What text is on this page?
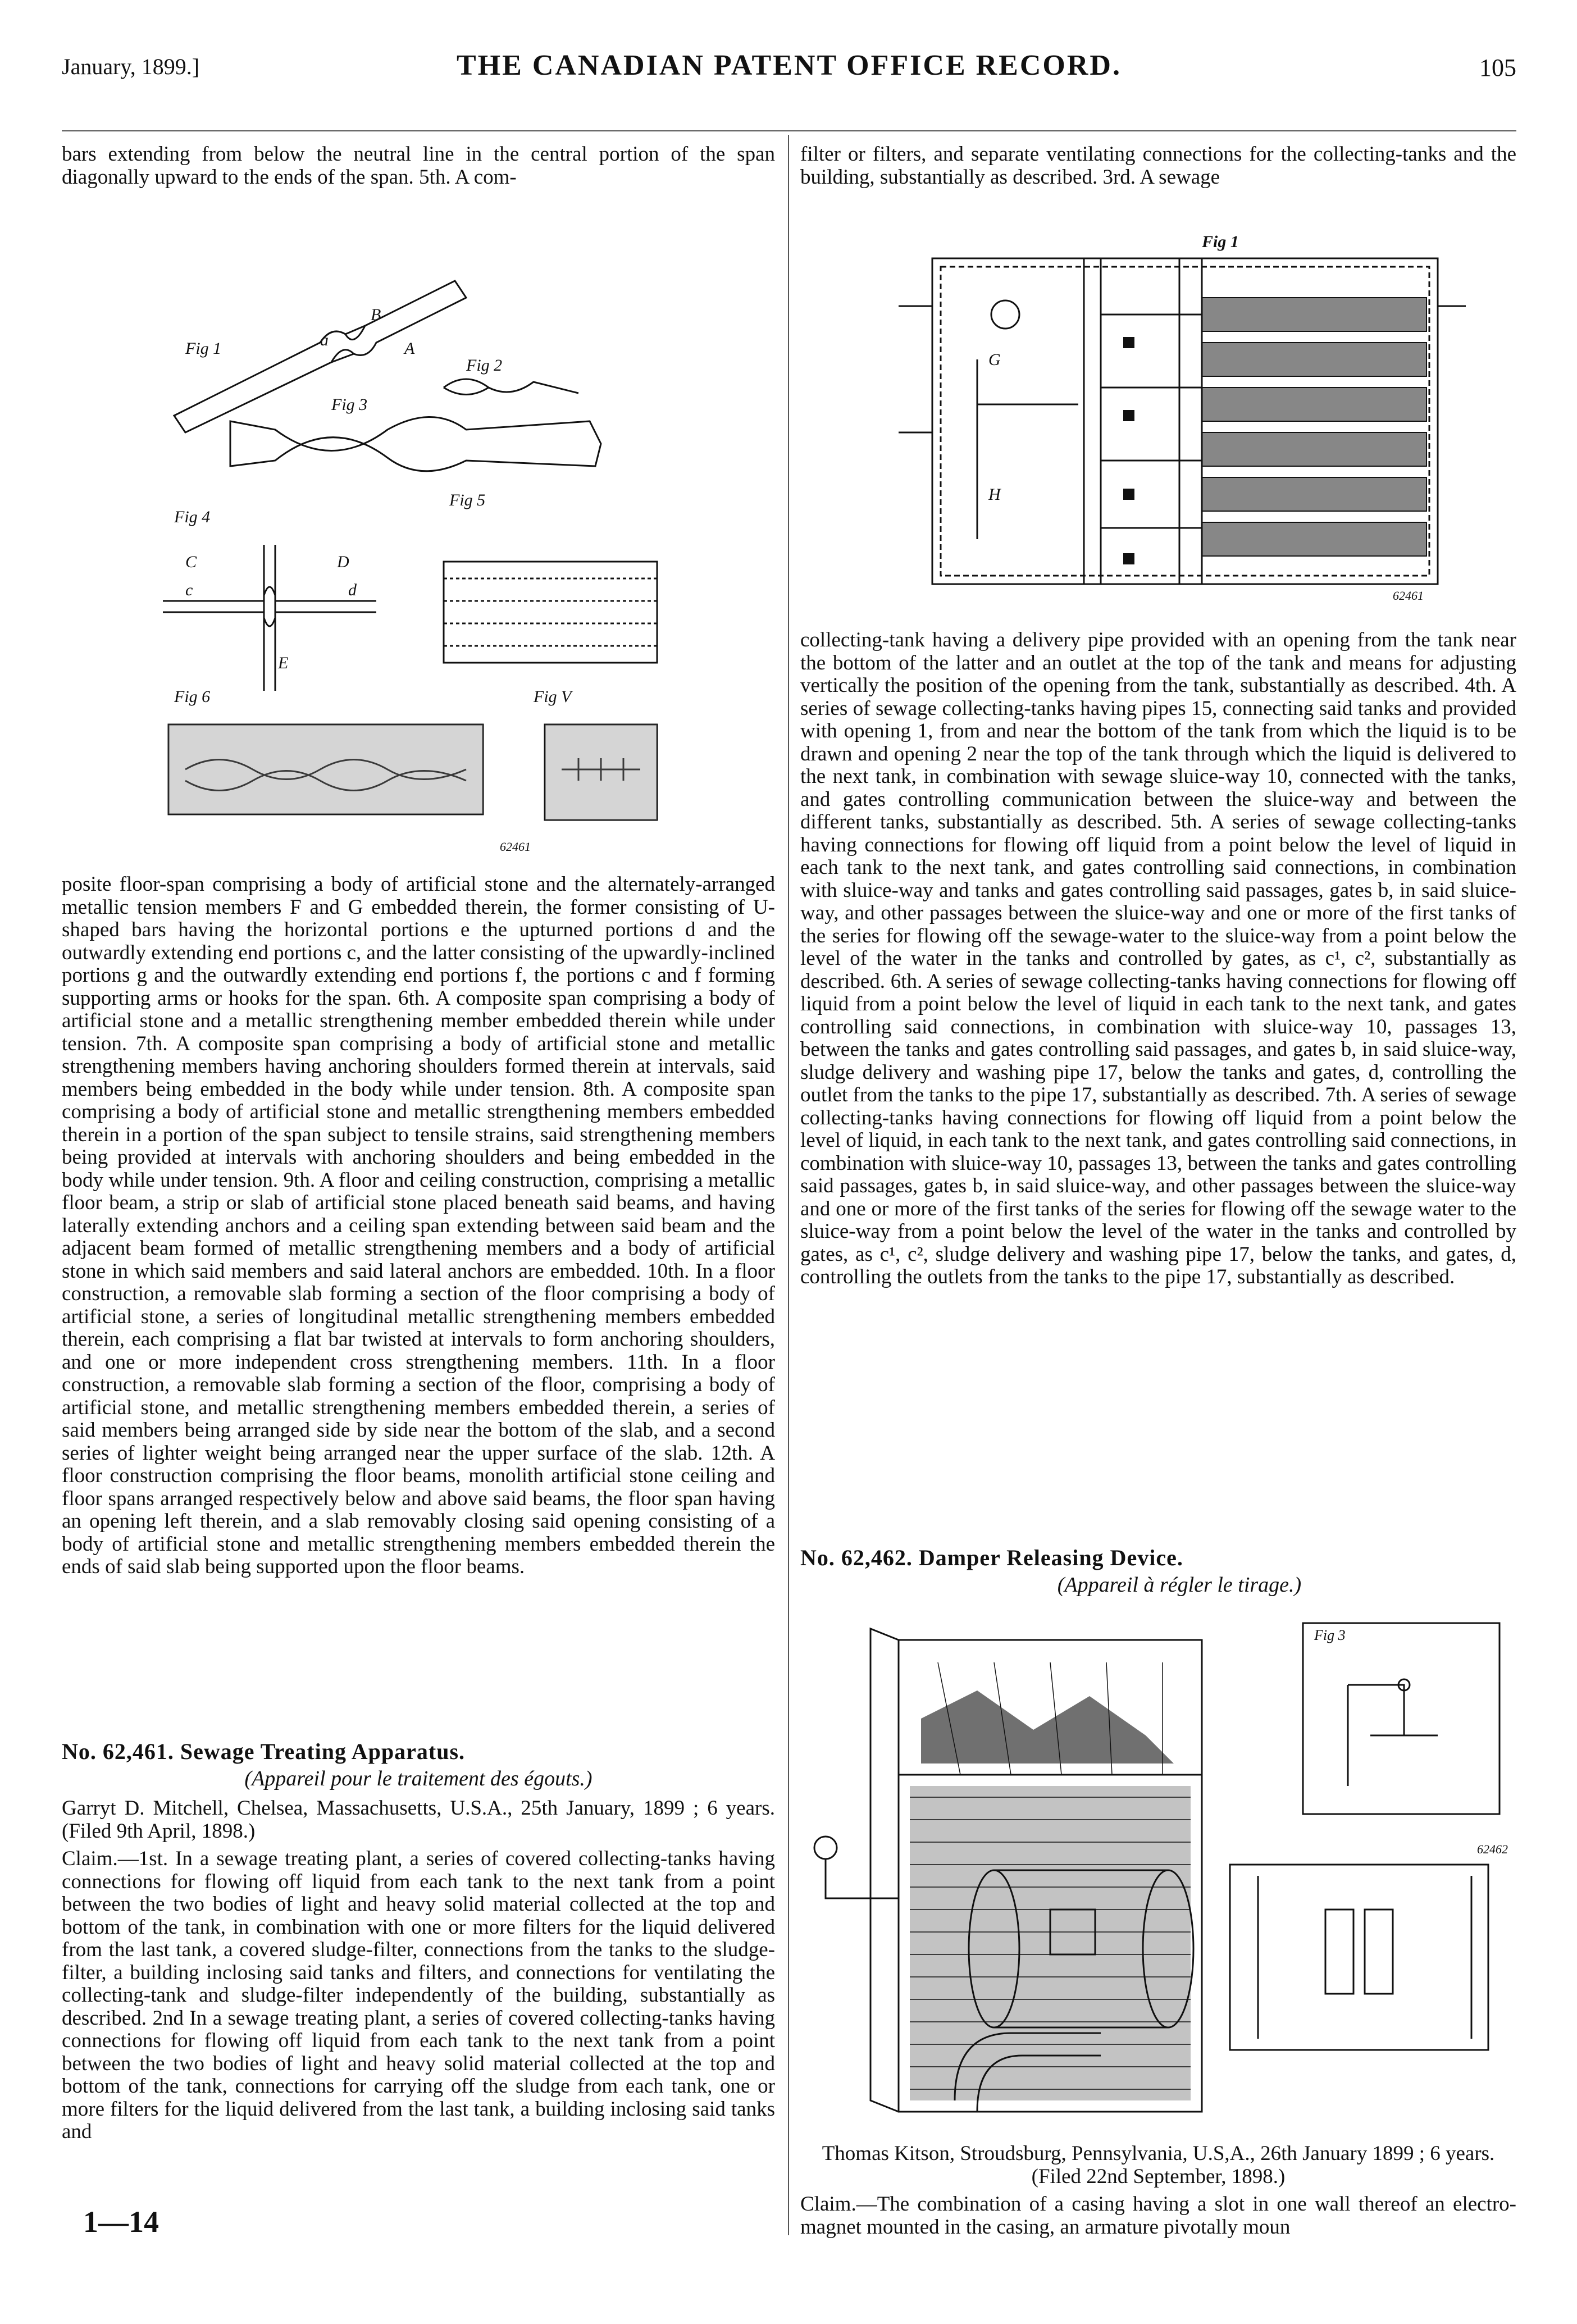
January, 1899.]	THE CANADIAN PATENT OFFICE RECORD.	105
bars extending from below the neutral line in the central portion of the span diagonally upward to the ends of the span. 5th. A com-
Fig 1
Fig 2
Fig 3
Fig 4
Fig 5
Fig 6	Fig V
B
A
a
C	D
E
c	d
62461
posite floor-span comprising a body of artificial stone and the alternately-arranged metallic tension members F and G embedded therein, the former consisting of U-shaped bars having the horizontal portions e the upturned portions d and the outwardly extending end portions c, and the latter consisting of the upwardly-inclined portions g and the outwardly extending end portions f, the portions c and f forming supporting arms or hooks for the span. 6th. A composite span comprising a body of artificial stone and a metallic strengthening member embedded therein while under tension. 7th. A composite span comprising a body of artificial stone and metallic strengthening members having anchoring shoulders formed therein at intervals, said members being embedded in the body while under tension. 8th. A composite span comprising a body of artificial stone and metallic strengthening members embedded therein in a portion of the span subject to tensile strains, said strengthening members being provided at intervals with anchoring shoulders and being embedded in the body while under tension. 9th. A floor and ceiling construction, comprising a metallic floor beam, a strip or slab of artificial stone placed beneath said beams, and having laterally extending anchors and a ceiling span extending between said beam and the adjacent beam formed of metallic strengthening members and a body of artificial stone in which said members and said lateral anchors are embedded. 10th. In a floor construction, a removable slab forming a section of the floor comprising a body of artificial stone, a series of longitudinal metallic strengthening members embedded therein, each comprising a flat bar twisted at intervals to form anchoring shoulders, and one or more independent cross strengthening members. 11th. In a floor construction, a removable slab forming a section of the floor, comprising a body of artificial stone, and metallic strengthening members embedded therein, a series of said members being arranged side by side near the bottom of the slab, and a second series of lighter weight being arranged near the upper surface of the slab. 12th. A floor construction comprising the floor beams, monolith artificial stone ceiling and floor spans arranged respectively below and above said beams, the floor span having an opening left therein, and a slab removably closing said opening consisting of a body of artificial stone and metallic strengthening members embedded therein the ends of said slab being supported upon the floor beams.
No. 62,461. Sewage Treating Apparatus.
(Appareil pour le traitement des égouts.)
Garryt D. Mitchell, Chelsea, Massachusetts, U.S.A., 25th January, 1899 ; 6 years. (Filed 9th April, 1898.)
Claim.—1st. In a sewage treating plant, a series of covered collecting-tanks having connections for flowing off liquid from each tank to the next tank from a point between the two bodies of light and heavy solid material collected at the top and bottom of the tank, in combination with one or more filters for the liquid delivered from the last tank, a covered sludge-filter, connections from the tanks to the sludge-filter, a building inclosing said tanks and filters, and connections for ventilating the collecting-tank and sludge-filter independently of the building, substantially as described. 2nd In a sewage treating plant, a series of covered collecting-tanks having connections for flowing off liquid from each tank to the next tank from a point between the two bodies of light and heavy solid material collected at the top and bottom of the tank, connections for carrying off the sludge from each tank, one or more filters for the liquid delivered from the last tank, a building inclosing said tanks and
1—14
filter or filters, and separate ventilating connections for the collecting-tanks and the building, substantially as described. 3rd. A sewage
Fig 1
G
H
62461
collecting-tank having a delivery pipe provided with an opening from the tank near the bottom of the latter and an outlet at the top of the tank and means for adjusting vertically the position of the opening from the tank, substantially as described. 4th. A series of sewage collecting-tanks having pipes 15, connecting said tanks and provided with opening 1, from and near the bottom of the tank from which the liquid is to be drawn and opening 2 near the top of the tank through which the liquid is delivered to the next tank, in combination with sewage sluice-way 10, connected with the tanks, and gates controlling communication between the sluice-way and between the different tanks, substantially as described. 5th. A series of sewage collecting-tanks having connections for flowing off liquid from a point below the level of liquid in each tank to the next tank, and gates controlling said connections, in combination with sluice-way and tanks and gates controlling said passages, gates b, in said sluice-way, and other passages between the sluice-way and one or more of the first tanks of the series for flowing off the sewage-water to the sluice-way from a point below the level of the water in the tanks and controlled by gates, as c¹, c², substantially as described. 6th. A series of sewage collecting-tanks having connections for flowing off liquid from a point below the level of liquid in each tank to the next tank, and gates controlling said connections, in combination with sluice-way 10, passages 13, between the tanks and gates controlling said passages, and gates b, in said sluice-way, sludge delivery and washing pipe 17, below the tanks and gates, d, controlling the outlet from the tanks to the pipe 17, substantially as described. 7th. A series of sewage collecting-tanks having connections for flowing off liquid from a point below the level of liquid, in each tank to the next tank, and gates controlling said connections, in combination with sluice-way 10, passages 13, between the tanks and gates controlling said passages, gates b, in said sluice-way, and other passages between the sluice-way and one or more of the first tanks of the series for flowing off the sewage water to the sluice-way from a point below the level of the water in the tanks and controlled by gates, as c¹, c², sludge delivery and washing pipe 17, below the tanks, and gates, d, controlling the outlets from the tanks to the pipe 17, substantially as described.
No. 62,462. Damper Releasing Device.
(Appareil à régler le tirage.)
Fig 3
62462
Thomas Kitson, Stroudsburg, Pennsylvania, U.S,A., 26th January 1899 ; 6 years. (Filed 22nd September, 1898.)
Claim.—The combination of a casing having a slot in one wall thereof an electro-magnet mounted in the casing, an armature pivotally moun
